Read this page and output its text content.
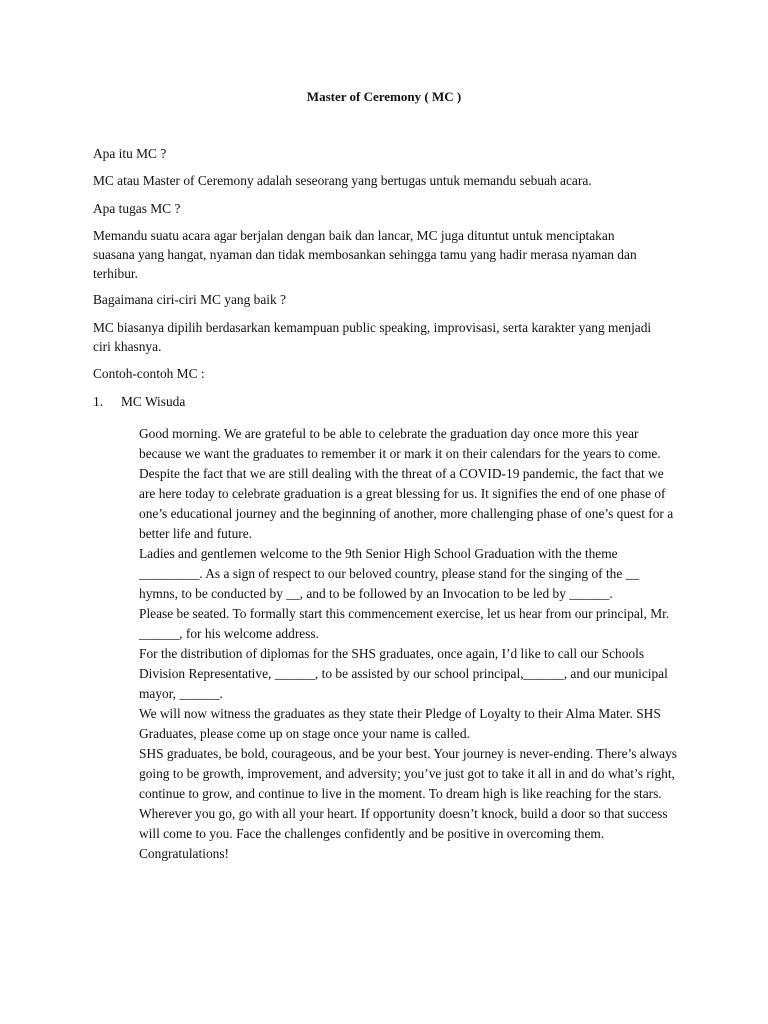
Master of Ceremony ( MC )
Apa itu MC ?
MC atau Master of Ceremony adalah seseorang yang bertugas untuk memandu sebuah acara.
Apa tugas MC ?
Memandu suatu acara agar berjalan dengan baik dan lancar, MC juga dituntut untuk menciptakan suasana yang hangat, nyaman dan tidak membosankan sehingga tamu yang hadir merasa nyaman dan terhibur.
Bagaimana ciri-ciri MC yang baik ?
MC biasanya dipilih berdasarkan kemampuan public speaking, improvisasi, serta karakter yang menjadi ciri khasnya.
Contoh-contoh MC :
1. MC Wisuda

Good morning. We are grateful to be able to celebrate the graduation day once more this year because we want the graduates to remember it or mark it on their calendars for the years to come.

Despite the fact that we are still dealing with the threat of a COVID-19 pandemic, the fact that we are here today to celebrate graduation is a great blessing for us. It signifies the end of one phase of one’s educational journey and the beginning of another, more challenging phase of one’s quest for a better life and future.

Ladies and gentlemen welcome to the 9th Senior High School Graduation with the theme _________. As a sign of respect to our beloved country, please stand for the singing of the __ hymns, to be conducted by __, and to be followed by an Invocation to be led by ______.

Please be seated. To formally start this commencement exercise, let us hear from our principal, Mr. ______, for his welcome address.

For the distribution of diplomas for the SHS graduates, once again, I’d like to call our Schools Division Representative, ______, to be assisted by our school principal,______, and our municipal mayor, ______.

We will now witness the graduates as they state their Pledge of Loyalty to their Alma Mater. SHS Graduates, please come up on stage once your name is called.

SHS graduates, be bold, courageous, and be your best. Your journey is never-ending. There’s always going to be growth, improvement, and adversity; you’ve just got to take it all in and do what’s right, continue to grow, and continue to live in the moment. To dream high is like reaching for the stars. Wherever you go, go with all your heart. If opportunity doesn’t knock, build a door so that success will come to you. Face the challenges confidently and be positive in overcoming them.

Congratulations!
